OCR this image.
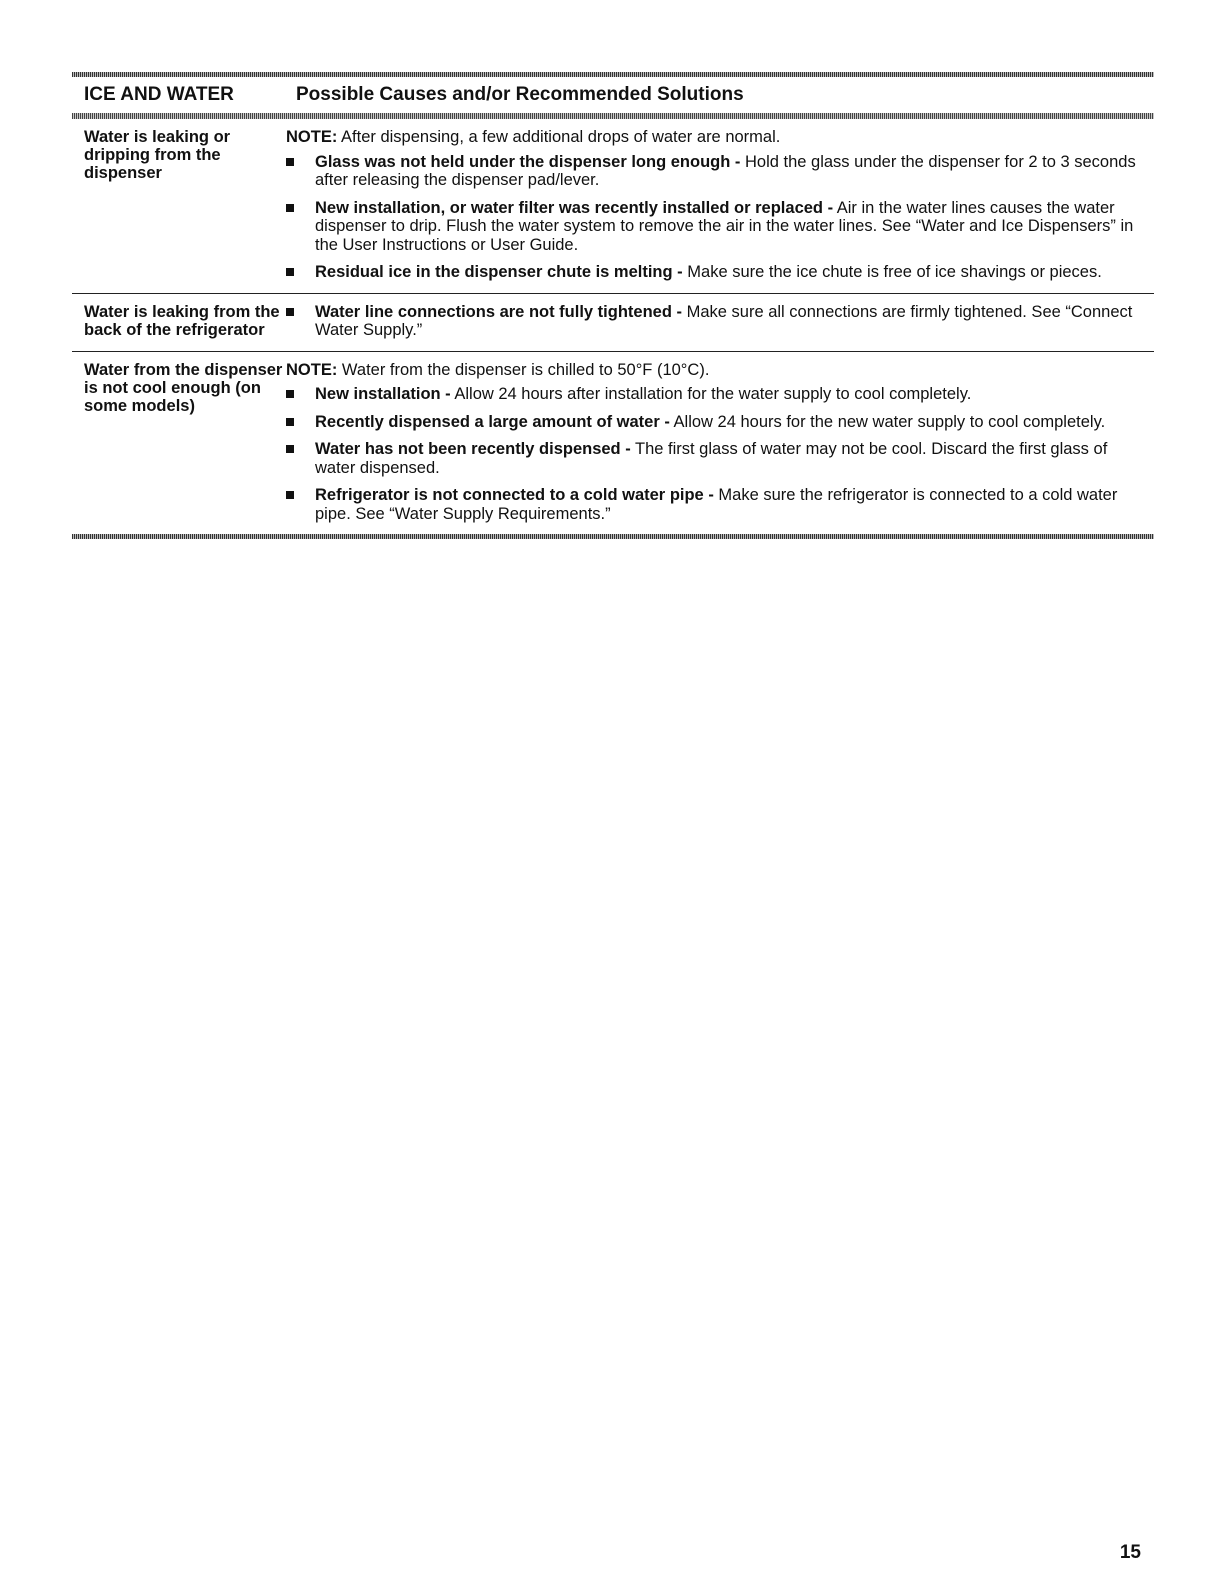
ICE AND WATER	Possible Causes and/or Recommended Solutions
Water is leaking or dripping from the dispenser
NOTE: After dispensing, a few additional drops of water are normal.
Glass was not held under the dispenser long enough - Hold the glass under the dispenser for 2 to 3 seconds after releasing the dispenser pad/lever.
New installation, or water filter was recently installed or replaced - Air in the water lines causes the water dispenser to drip. Flush the water system to remove the air in the water lines. See “Water and Ice Dispensers” in the User Instructions or User Guide.
Residual ice in the dispenser chute is melting - Make sure the ice chute is free of ice shavings or pieces.
Water is leaking from the back of the refrigerator
Water line connections are not fully tightened - Make sure all connections are firmly tightened. See “Connect Water Supply.”
Water from the dispenser is not cool enough (on some models)
NOTE: Water from the dispenser is chilled to 50°F (10°C).
New installation - Allow 24 hours after installation for the water supply to cool completely.
Recently dispensed a large amount of water - Allow 24 hours for the new water supply to cool completely.
Water has not been recently dispensed - The first glass of water may not be cool. Discard the first glass of water dispensed.
Refrigerator is not connected to a cold water pipe - Make sure the refrigerator is connected to a cold water pipe. See “Water Supply Requirements.”
15
